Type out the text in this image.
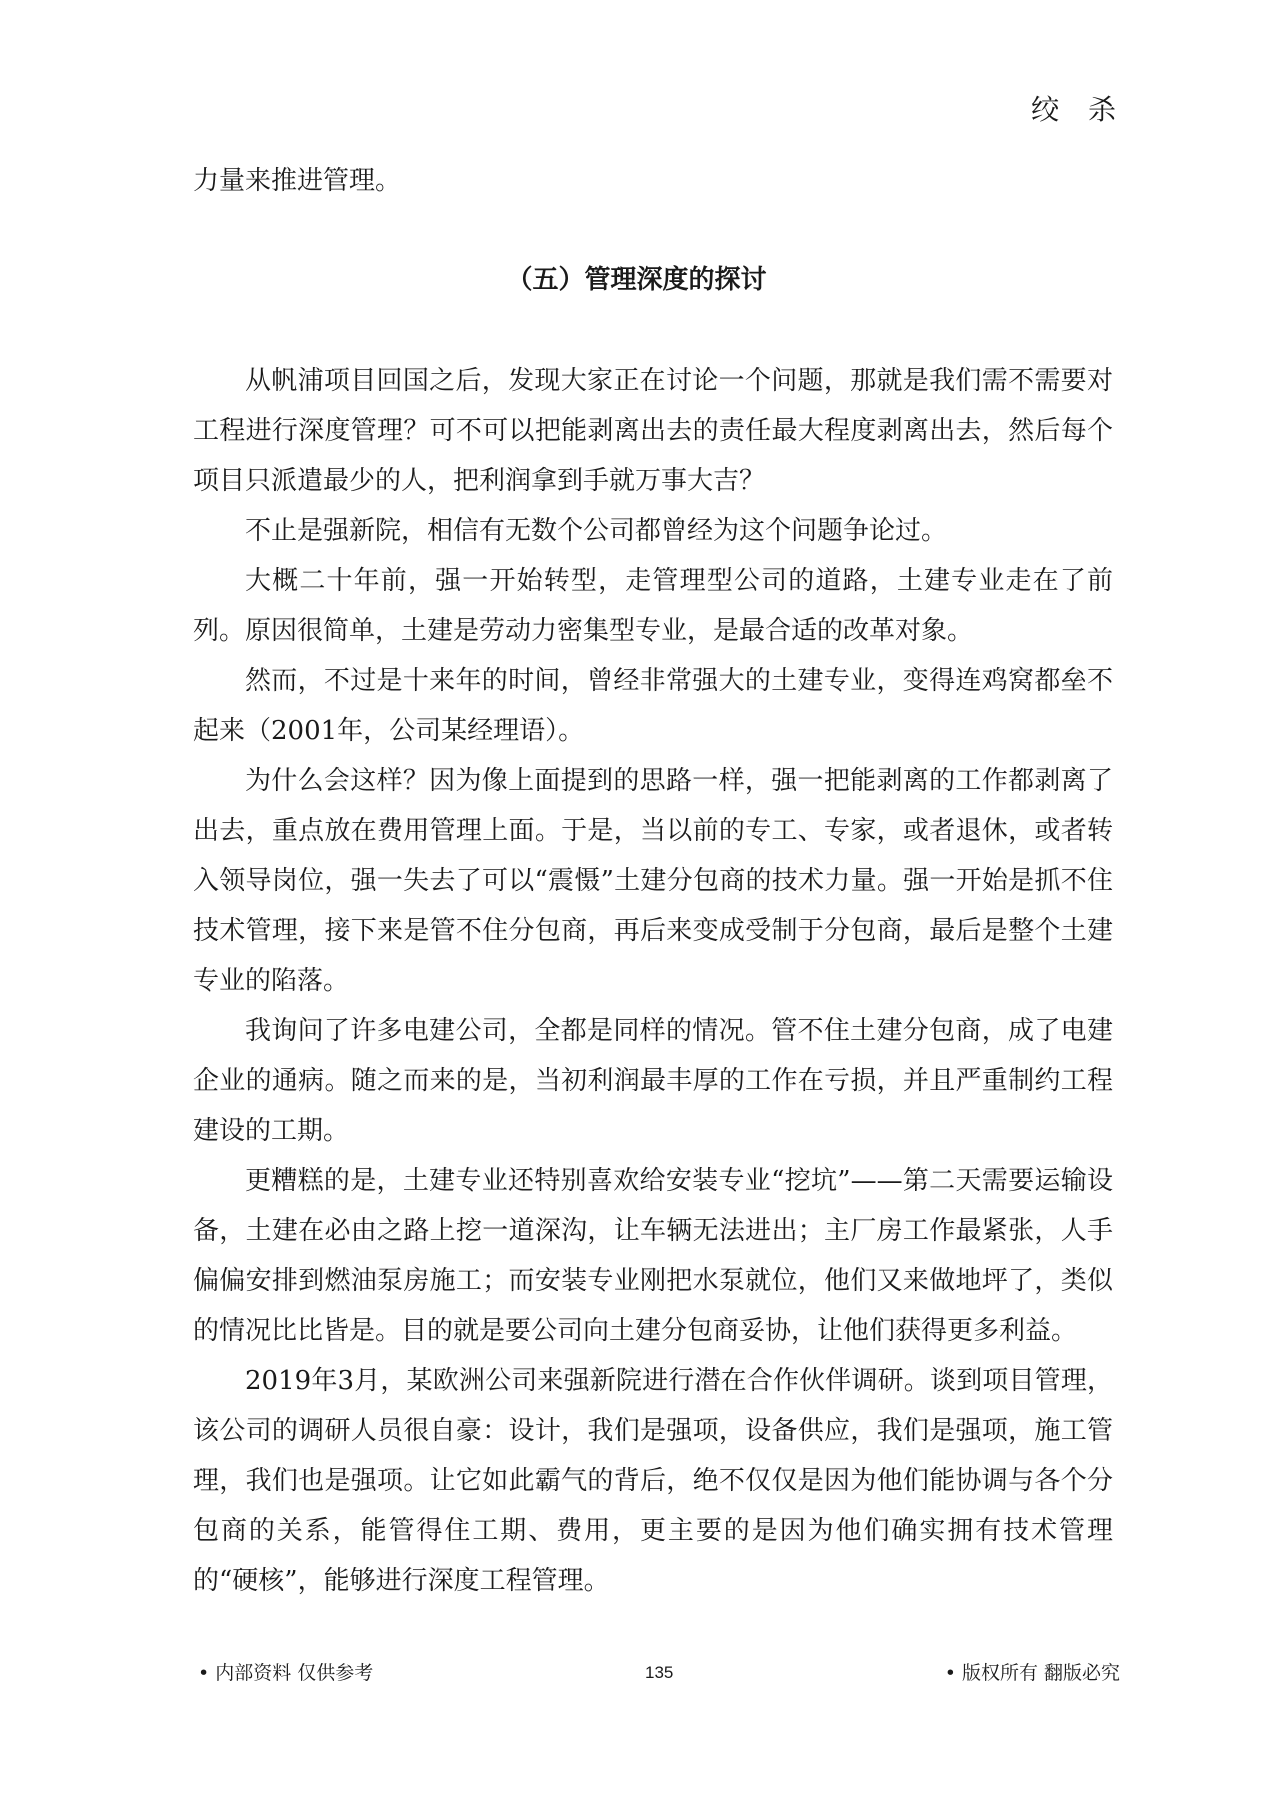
绞 杀

力量来推进管理。

（五）管理深度的探讨

从帆浦项目回国之后，发现大家正在讨论一个问题，那就是我们需不需要对工程进行深度管理？可不可以把能剥离出去的责任最大程度剥离出去，然后每个项目只派遣最少的人，把利润拿到手就万事大吉？

不止是强新院，相信有无数个公司都曾经为这个问题争论过。

大概二十年前，强一开始转型，走管理型公司的道路，土建专业走在了前列。原因很简单，土建是劳动力密集型专业，是最合适的改革对象。

然而，不过是十来年的时间，曾经非常强大的土建专业，变得连鸡窝都垒不起来（2001年，公司某经理语）。

为什么会这样？因为像上面提到的思路一样，强一把能剥离的工作都剥离了出去，重点放在费用管理上面。于是，当以前的专工、专家，或者退休，或者转入领导岗位，强一失去了可以“震慑”土建分包商的技术力量。强一开始是抓不住技术管理，接下来是管不住分包商，再后来变成受制于分包商，最后是整个土建专业的陷落。

我询问了许多电建公司，全都是同样的情况。管不住土建分包商，成了电建企业的通病。随之而来的是，当初利润最丰厚的工作在亏损，并且严重制约工程建设的工期。

更糟糕的是，土建专业还特别喜欢给安装专业“挖坑”——第二天需要运输设备，土建在必由之路上挖一道深沟，让车辆无法进出；主厂房工作最紧张，人手偏偏安排到燃油泵房施工；而安装专业刚把水泵就位，他们又来做地坪了，类似的情况比比皆是。目的就是要公司向土建分包商妥协，让他们获得更多利益。

2019年3月，某欧洲公司来强新院进行潜在合作伙伴调研。谈到项目管理，该公司的调研人员很自豪：设计，我们是强项，设备供应，我们是强项，施工管理，我们也是强项。让它如此霸气的背后，绝不仅仅是因为他们能协调与各个分包商的关系，能管得住工期、费用，更主要的是因为他们确实拥有技术管理的“硬核”，能够进行深度工程管理。

• 内部资料 仅供参考	135	• 版权所有 翻版必究
